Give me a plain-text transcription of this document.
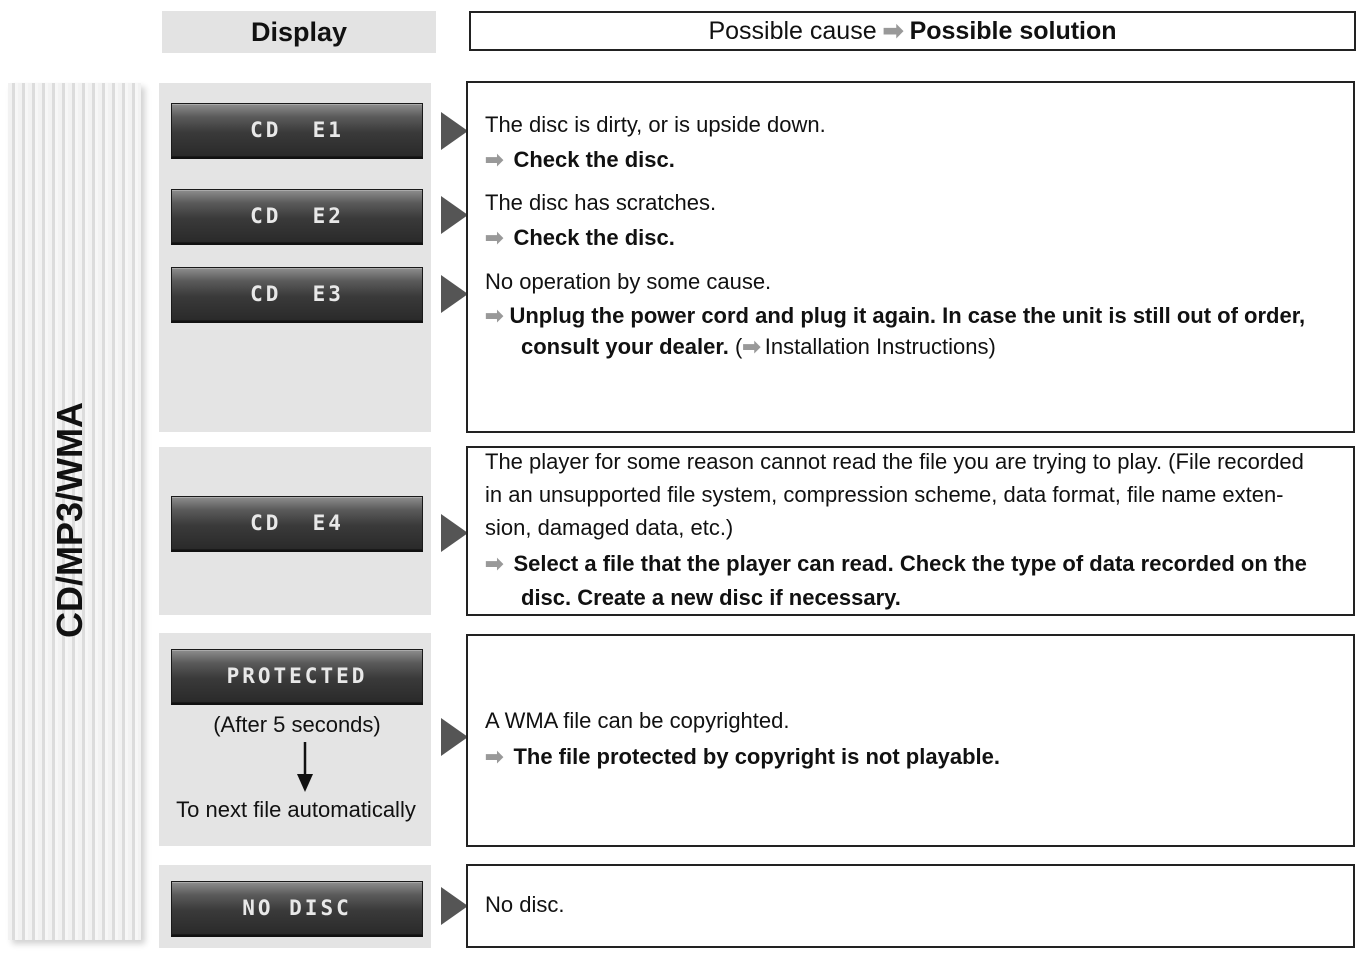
Display	Possible cause ➡ Possible solution
CD/MP3/WMA
CD  E1
CD  E2
CD  E3
CD  E4
PROTECTED
NO DISC
(After 5 seconds)
To next file automatically
The disc is dirty, or is upside down.
➡ Check the disc.
The disc has scratches.
➡ Check the disc.
No operation by some cause.
➡ Unplug the power cord and plug it again. In case the unit is still out of order,
consult your dealer. (➡ Installation Instructions)
The player for some reason cannot read the file you are trying to play. (File recorded
in an unsupported file system, compression scheme, data format, file name exten-
sion, damaged data, etc.)
➡ Select a file that the player can read. Check the type of data recorded on the
disc. Create a new disc if necessary.
A WMA file can be copyrighted.
➡ The file protected by copyright is not playable.
No disc.
